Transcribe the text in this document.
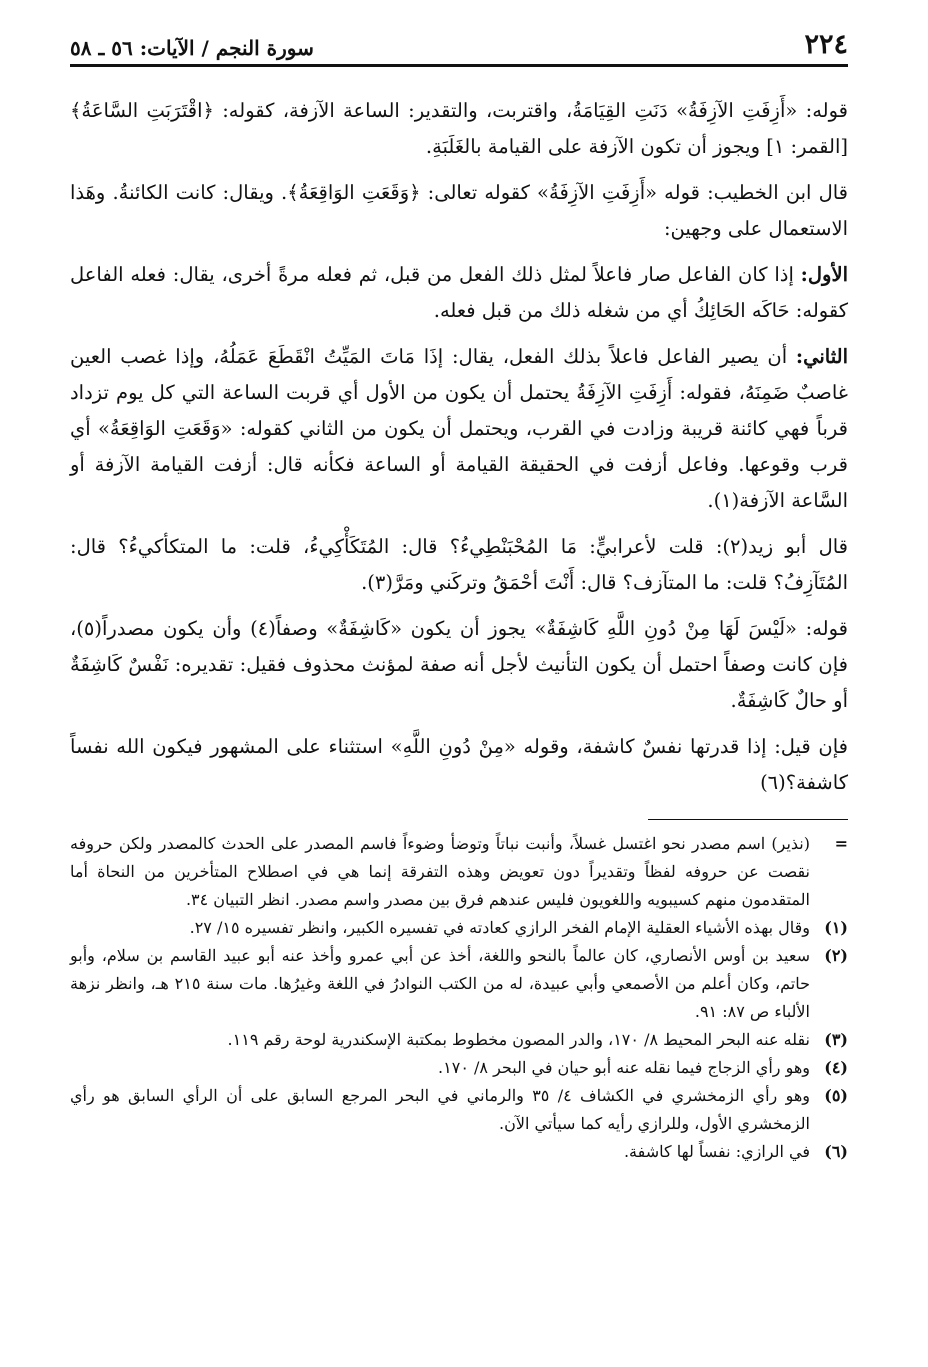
٢٢٤
سورة النجم / الآيات: ٥٦ ـ ٥٨

قوله: «أَزِفَتِ الآزِفَةُ» دَنَتِ القِيَامَةُ، واقتربت، والتقدير: الساعة الآزفة، كقوله: ﴿اقْتَرَبَتِ السَّاعَةُ﴾ [القمر: ١] ويجوز أن تكون الآزفة على القيامة بالغَلَبَةِ.

قال ابن الخطيب: قوله «أَزِفَتِ الآزِفَةُ» كقوله تعالى: ﴿وَقَعَتِ الوَاقِعَةُ﴾. ويقال: كانت الكائنةُ. وهَذا الاستعمال على وجهين:

الأول: إذا كان الفاعل صار فاعلاً لمثل ذلك الفعل من قبل، ثم فعله مرةً أخرى، يقال: فعله الفاعل كقوله: حَاكَه الحَائِكُ أي من شغله ذلك من قبل فعله.

الثاني: أن يصير الفاعل فاعلاً بذلك الفعل، يقال: إذَا مَاتَ المَيِّتُ انْقَطَعَ عَمَلُهُ، وإذا غصب العين غاصبٌ ضَمِنَهُ، فقوله: أَزِفَتِ الآزِفَةُ يحتمل أن يكون من الأول أي قربت الساعة التي كل يوم تزداد قرباً فهي كائنة قريبة وزادت في القرب، ويحتمل أن يكون من الثاني كقوله: «وَقَعَتِ الوَاقِعَةُ» أي قرب وقوعها. وفاعل أزفت في الحقيقة القيامة أو الساعة فكأنه قال: أزفت القيامة الآزفة أو السَّاعة الآزفة(١).

قال أبو زيد(٢): قلت لأعرابيٍّ: مَا المُحْبَنْطِيءُ؟ قال: المُتَكَأْكِيءُ، قلت: ما المتكأكيءُ؟ قال: المُتَآزِفُ؟ قلت: ما المتآزف؟ قال: أَنْتَ أحْمَقُ وتركَني ومَرَّ(٣).

قوله: «لَيْسَ لَهَا مِنْ دُونِ اللَّهِ كَاشِفَةٌ» يجوز أن يكون «كَاشِفَةٌ» وصفاً(٤) وأن يكون مصدراً(٥)، فإن كانت وصفاً احتمل أن يكون التأنيث لأجل أنه صفة لمؤنث محذوف فقيل: تقديره: نَفْسٌ كَاشِفَةٌ أو حالٌ كَاشِفَةٌ.

فإن قيل: إذا قدرتها نفسٌ كاشفة، وقوله «مِنْ دُونِ اللَّهِ» استثناء على المشهور فيكون الله نفساً كاشفة؟(٦)

=
(نذير) اسم مصدر نحو اغتسل غسلاً، وأنبت نباتاً وتوضأ وضوءاً فاسم المصدر على الحدث كالمصدر ولكن حروفه نقصت عن حروفه لفظاً وتقديراً دون تعويض وهذه التفرقة إنما هي في اصطلاح المتأخرين من النحاة أما المتقدمون منهم كسيبويه واللغويون فليس عندهم فرق بين مصدر واسم مصدر. انظر التبيان ٣٤.
(١)
وقال بهذه الأشياء العقلية الإمام الفخر الرازي كعادته في تفسيره الكبير، وانظر تفسيره ١٥/ ٢٧.
(٢)
سعيد بن أوس الأنصاري، كان عالماً بالنحو واللغة، أخذ عن أبي عمرو وأخذ عنه أبو عبيد القاسم بن سلام، وأبو حاتم، وكان أعلم من الأصمعي وأبي عبيدة، له من الكتب النوادرُ في اللغة وغيرُها. مات سنة ٢١٥ هـ، وانظر نزهة الألباء ص ٨٧: ٩١.
(٣)
نقله عنه البحر المحيط ٨/ ١٧٠، والدر المصون مخطوط بمكتبة الإسكندرية لوحة رقم ١١٩.
(٤)
وهو رأي الزجاج فيما نقله عنه أبو حيان في البحر ٨/ ١٧٠.
(٥)
وهو رأي الزمخشري في الكشاف ٤/ ٣٥ والرماني في البحر المرجع السابق على أن الرأي السابق هو رأي الزمخشري الأول، وللرازي رأيه كما سيأتي الآن.
(٦)
في الرازي: نفساً لها كاشفة.
